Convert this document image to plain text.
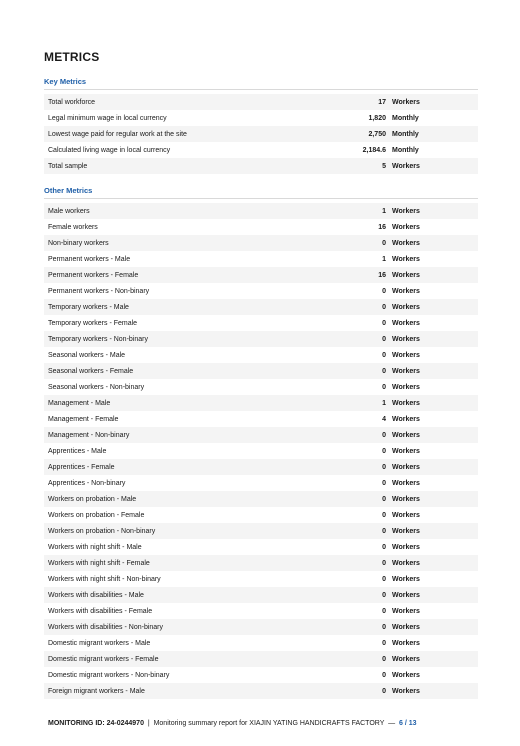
METRICS
Key Metrics
Total workforce	17 Workers
Legal minimum wage in local currency	1,820 Monthly
Lowest wage paid for regular work at the site	2,750 Monthly
Calculated living wage in local currency	2,184.6 Monthly
Total sample	5 Workers
Other Metrics
Male workers	1 Workers
Female workers	16 Workers
Non-binary workers	0 Workers
Permanent workers - Male	1 Workers
Permanent workers - Female	16 Workers
Permanent workers - Non-binary	0 Workers
Temporary workers - Male	0 Workers
Temporary workers - Female	0 Workers
Temporary workers - Non-binary	0 Workers
Seasonal workers - Male	0 Workers
Seasonal workers - Female	0 Workers
Seasonal workers - Non-binary	0 Workers
Management - Male	1 Workers
Management - Female	4 Workers
Management - Non-binary	0 Workers
Apprentices - Male	0 Workers
Apprentices - Female	0 Workers
Apprentices - Non-binary	0 Workers
Workers on probation - Male	0 Workers
Workers on probation - Female	0 Workers
Workers on probation - Non-binary	0 Workers
Workers with night shift - Male	0 Workers
Workers with night shift - Female	0 Workers
Workers with night shift - Non-binary	0 Workers
Workers with disabilities - Male	0 Workers
Workers with disabilities - Female	0 Workers
Workers with disabilities - Non-binary	0 Workers
Domestic migrant workers - Male	0 Workers
Domestic migrant workers - Female	0 Workers
Domestic migrant workers - Non-binary	0 Workers
Foreign migrant workers - Male	0 Workers
MONITORING ID: 24-0244970 | Monitoring summary report for XIAJIN YATING HANDICRAFTS FACTORY — 6 / 13
